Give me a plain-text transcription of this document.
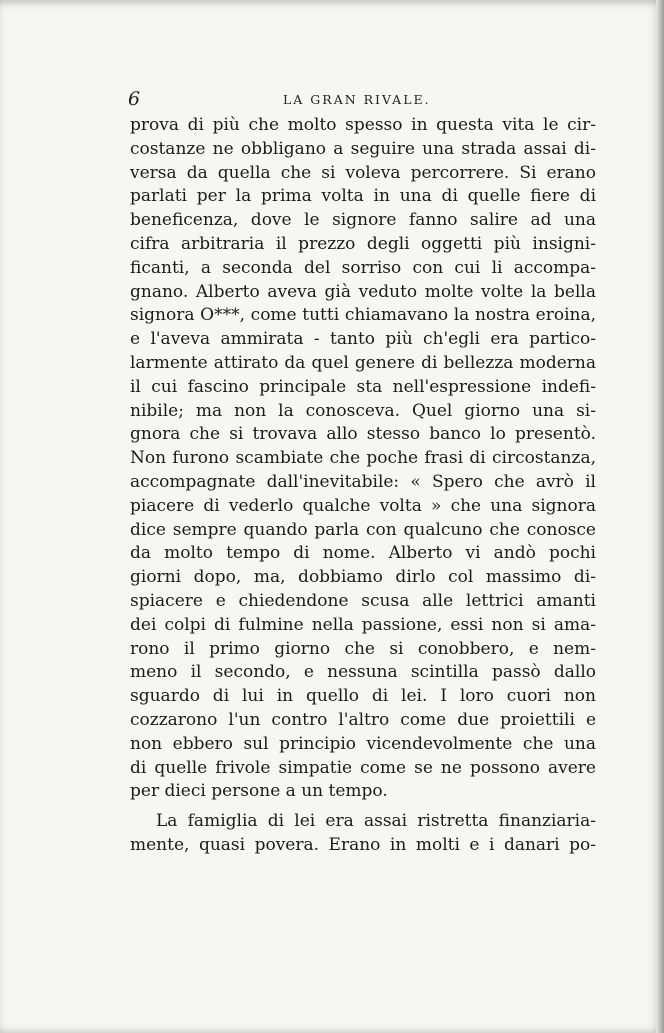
6	LA GRAN RIVALE.
prova di più che molto spesso in questa vita le cir-
costanze ne obbligano a seguire una strada assai di-
versa da quella che si voleva percorrere. Si erano
parlati per la prima volta in una di quelle fiere di
beneficenza, dove le signore fanno salire ad una
cifra arbitraria il prezzo degli oggetti più insigni-
ficanti, a seconda del sorriso con cui li accompa-
gnano. Alberto aveva già veduto molte volte la bella
signora O***, come tutti chiamavano la nostra eroina,
e l'aveva ammirata - tanto più ch'egli era partico-
larmente attirato da quel genere di bellezza moderna
il cui fascino principale sta nell'espressione indefi-
nibile; ma non la conosceva. Quel giorno una si-
gnora che si trovava allo stesso banco lo presentò.
Non furono scambiate che poche frasi di circostanza,
accompagnate dall'inevitabile: « Spero che avrò il
piacere di vederlo qualche volta » che una signora
dice sempre quando parla con qualcuno che conosce
da molto tempo di nome. Alberto vi andò pochi
giorni dopo, ma, dobbiamo dirlo col massimo di-
spiacere e chiedendone scusa alle lettrici amanti
dei colpi di fulmine nella passione, essi non si ama-
rono il primo giorno che si conobbero, e nem-
meno il secondo, e nessuna scintilla passò dallo
sguardo di lui in quello di lei. I loro cuori non
cozzarono l'un contro l'altro come due proiettili e
non ebbero sul principio vicendevolmente che una
di quelle frivole simpatie come se ne possono avere
per dieci persone a un tempo.
La famiglia di lei era assai ristretta finanziaria-
mente, quasi povera. Erano in molti e i danari po-
